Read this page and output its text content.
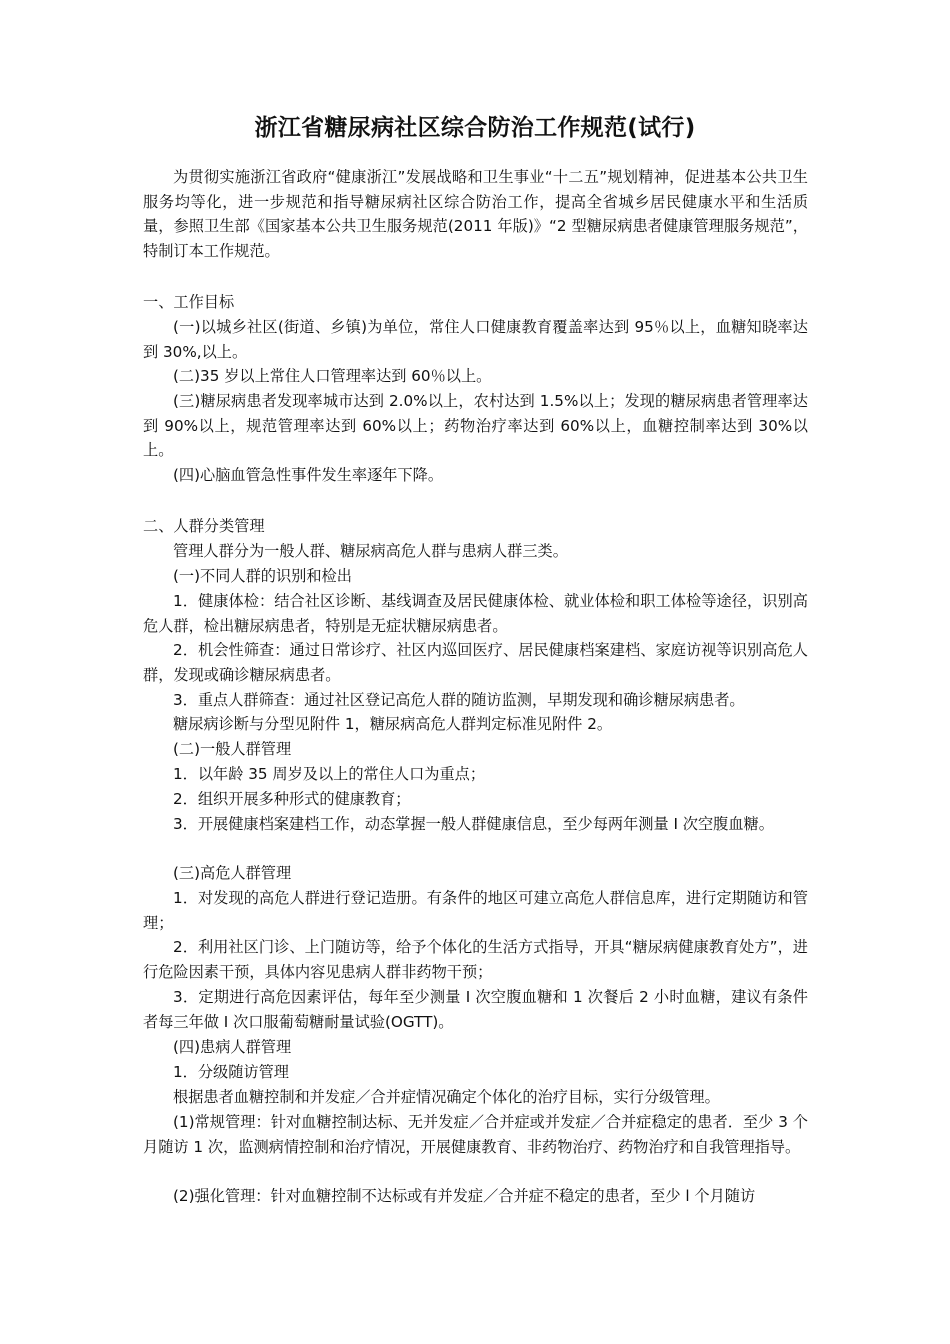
浙江省糖尿病社区综合防治工作规范(试行)

为贯彻实施浙江省政府“健康浙江”发展战略和卫生事业“十二五”规划精神，促进基本公共卫生服务均等化，进一步规范和指导糖尿病社区综合防治工作，提高全省城乡居民健康水平和生活质量，参照卫生部《国家基本公共卫生服务规范(2011 年版)》“2 型糖尿病患者健康管理服务规范”，特制订本工作规范。

一、工作目标

(一)以城乡社区(街道、乡镇)为单位，常住人口健康教育覆盖率达到 95％以上，血糖知晓率达到 30%,以上。

(二)35 岁以上常住人口管理率达到 60％以上。

(三)糖尿病患者发现率城市达到 2.0%以上，农村达到 1.5%以上；发现的糖尿病患者管理率达到 90%以上，规范管理率达到 60%以上；药物治疗率达到 60%以上，血糖控制率达到 30%以上。

(四)心脑血管急性事件发生率逐年下降。

二、人群分类管理

管理人群分为一般人群、糖尿病高危人群与患病人群三类。

(一)不同人群的识别和检出

1．健康体检：结合社区诊断、基线调查及居民健康体检、就业体检和职工体检等途径，识别高危人群，检出糖尿病患者，特别是无症状糖尿病患者。

2．机会性筛查：通过日常诊疗、社区内巡回医疗、居民健康档案建档、家庭访视等识别高危人群，发现或确诊糖尿病患者。

3．重点人群筛查：通过社区登记高危人群的随访监测，早期发现和确诊糖尿病患者。

糖尿病诊断与分型见附件 1，糖尿病高危人群判定标准见附件 2。

(二)一般人群管理

1．以年龄 35 周岁及以上的常住人口为重点；

2．组织开展多种形式的健康教育；

3．开展健康档案建档工作，动态掌握一般人群健康信息，至少每两年测量 I 次空腹血糖。

(三)高危人群管理

1．对发现的高危人群进行登记造册。有条件的地区可建立高危人群信息库，进行定期随访和管理；

2．利用社区门诊、上门随访等，给予个体化的生活方式指导，开具“糖尿病健康教育处方”，进行危险因素干预，具体内容见患病人群非药物干预；

3．定期进行高危因素评估，每年至少测量 I 次空腹血糖和 1 次餐后 2 小时血糖，建议有条件者每三年做 I 次口服葡萄糖耐量试验(OGTT)。

(四)患病人群管理

1．分级随访管理

根据患者血糖控制和并发症／合并症情况确定个体化的治疗目标，实行分级管理。

(1)常规管理：针对血糖控制达标、无并发症／合并症或并发症／合并症稳定的患者．至少 3 个月随访 1 次，监测病情控制和治疗情况，开展健康教育、非药物治疗、药物治疗和自我管理指导。

(2)强化管理：针对血糖控制不达标或有并发症／合并症不稳定的患者，至少 l 个月随访
